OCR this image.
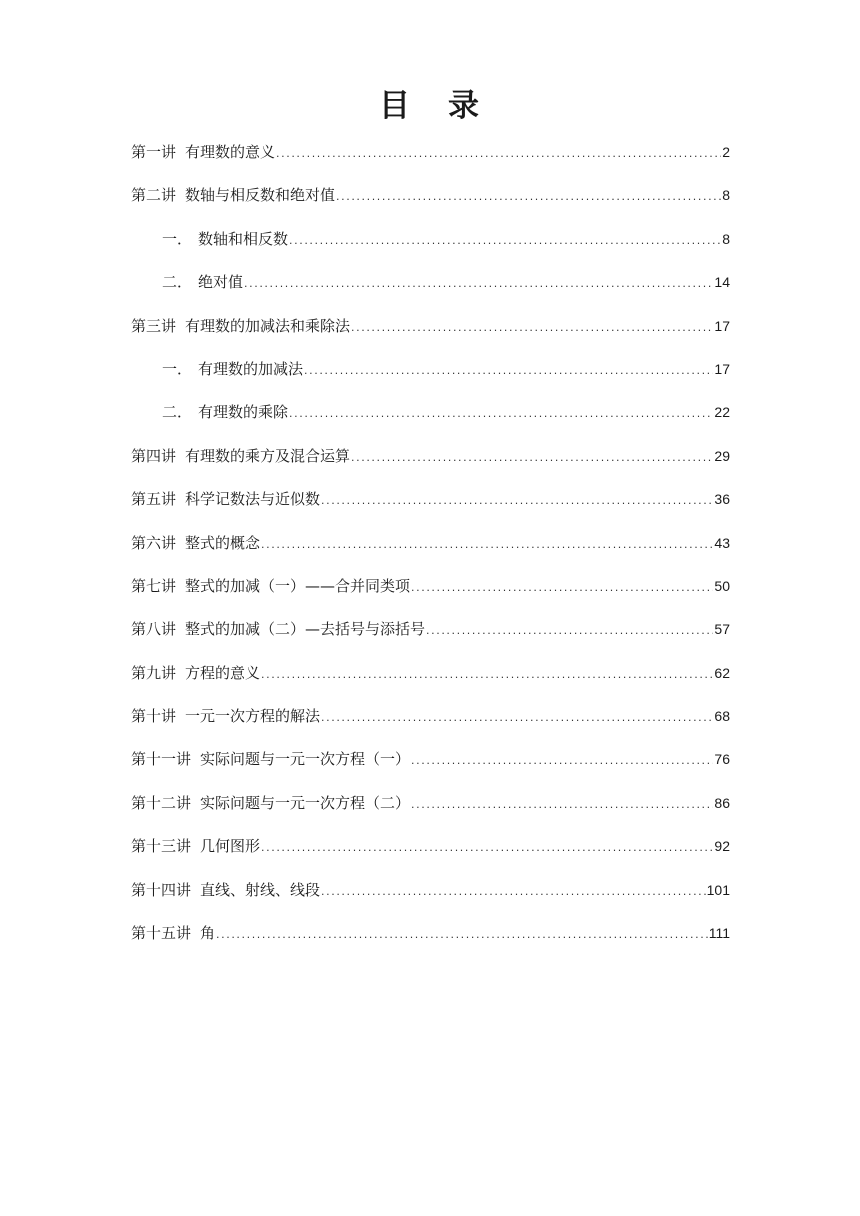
目 录
第一讲 有理数的意义 .....	2
第二讲 数轴与相反数和绝对值 .....	8
一． 数轴和相反数 .....	8
二． 绝对值 .....	14
第三讲 有理数的加减法和乘除法 .....	17
一． 有理数的加减法 .....	17
二． 有理数的乘除 .....	22
第四讲 有理数的乘方及混合运算 .....	29
第五讲 科学记数法与近似数 .....	36
第六讲 整式的概念 .....	43
第七讲 整式的加减（一）——合并同类项 .....	50
第八讲 整式的加减（二）—去括号与添括号 .....	57
第九讲 方程的意义 .....	62
第十讲 一元一次方程的解法 .....	68
第十一讲 实际问题与一元一次方程（一） .....	76
第十二讲 实际问题与一元一次方程（二） .....	86
第十三讲 几何图形 .....	92
第十四讲 直线、射线、线段 .....	101
第十五讲 角 .....	111
